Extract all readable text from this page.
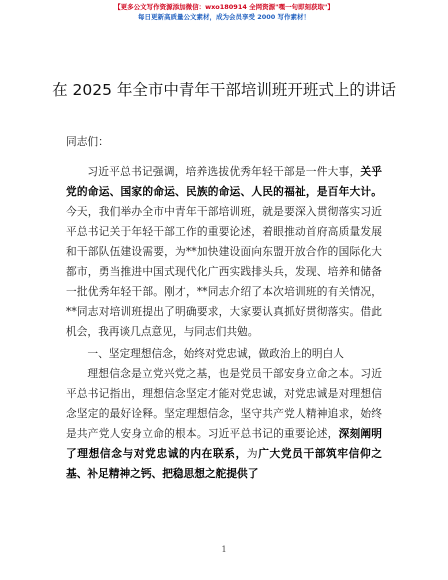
【更多公文写作资源添加微信：wxo180914 全网资源"嘿一句即刻获取"】
每日更新高质量公文素材，成为会员享受 2000 写作素材！
在 2025 年全市中青年干部培训班开班式上的讲话

同志们：

习近平总书记强调，培养选拔优秀年轻干部是一件大事，关乎党的命运、国家的命运、民族的命运、人民的福祉，是百年大计。今天，我们举办全市中青年干部培训班，就是要深入贯彻落实习近平总书记关于年轻干部工作的重要论述，着眼推动首府高质量发展和干部队伍建设需要，为**加快建设面向东盟开放合作的国际化大都市，勇当推进中国式现代化广西实践排头兵，发现、培养和储备一批优秀年轻干部。刚才，**同志介绍了本次培训班的有关情况，**同志对培训班提出了明确要求，大家要认真抓好贯彻落实。借此机会，我再谈几点意见，与同志们共勉。

一、坚定理想信念，始终对党忠诚，做政治上的明白人

理想信念是立党兴党之基，也是党员干部安身立命之本。习近平总书记指出，理想信念坚定才能对党忠诚，对党忠诚是对理想信念坚定的最好诠释。坚定理想信念，坚守共产党人精神追求，始终是共产党人安身立命的根本。习近平总书记的重要论述，深刻阐明了理想信念与对党忠诚的内在联系，为广大党员干部筑牢信仰之基、补足精神之钙、把稳思想之舵提供了

1
